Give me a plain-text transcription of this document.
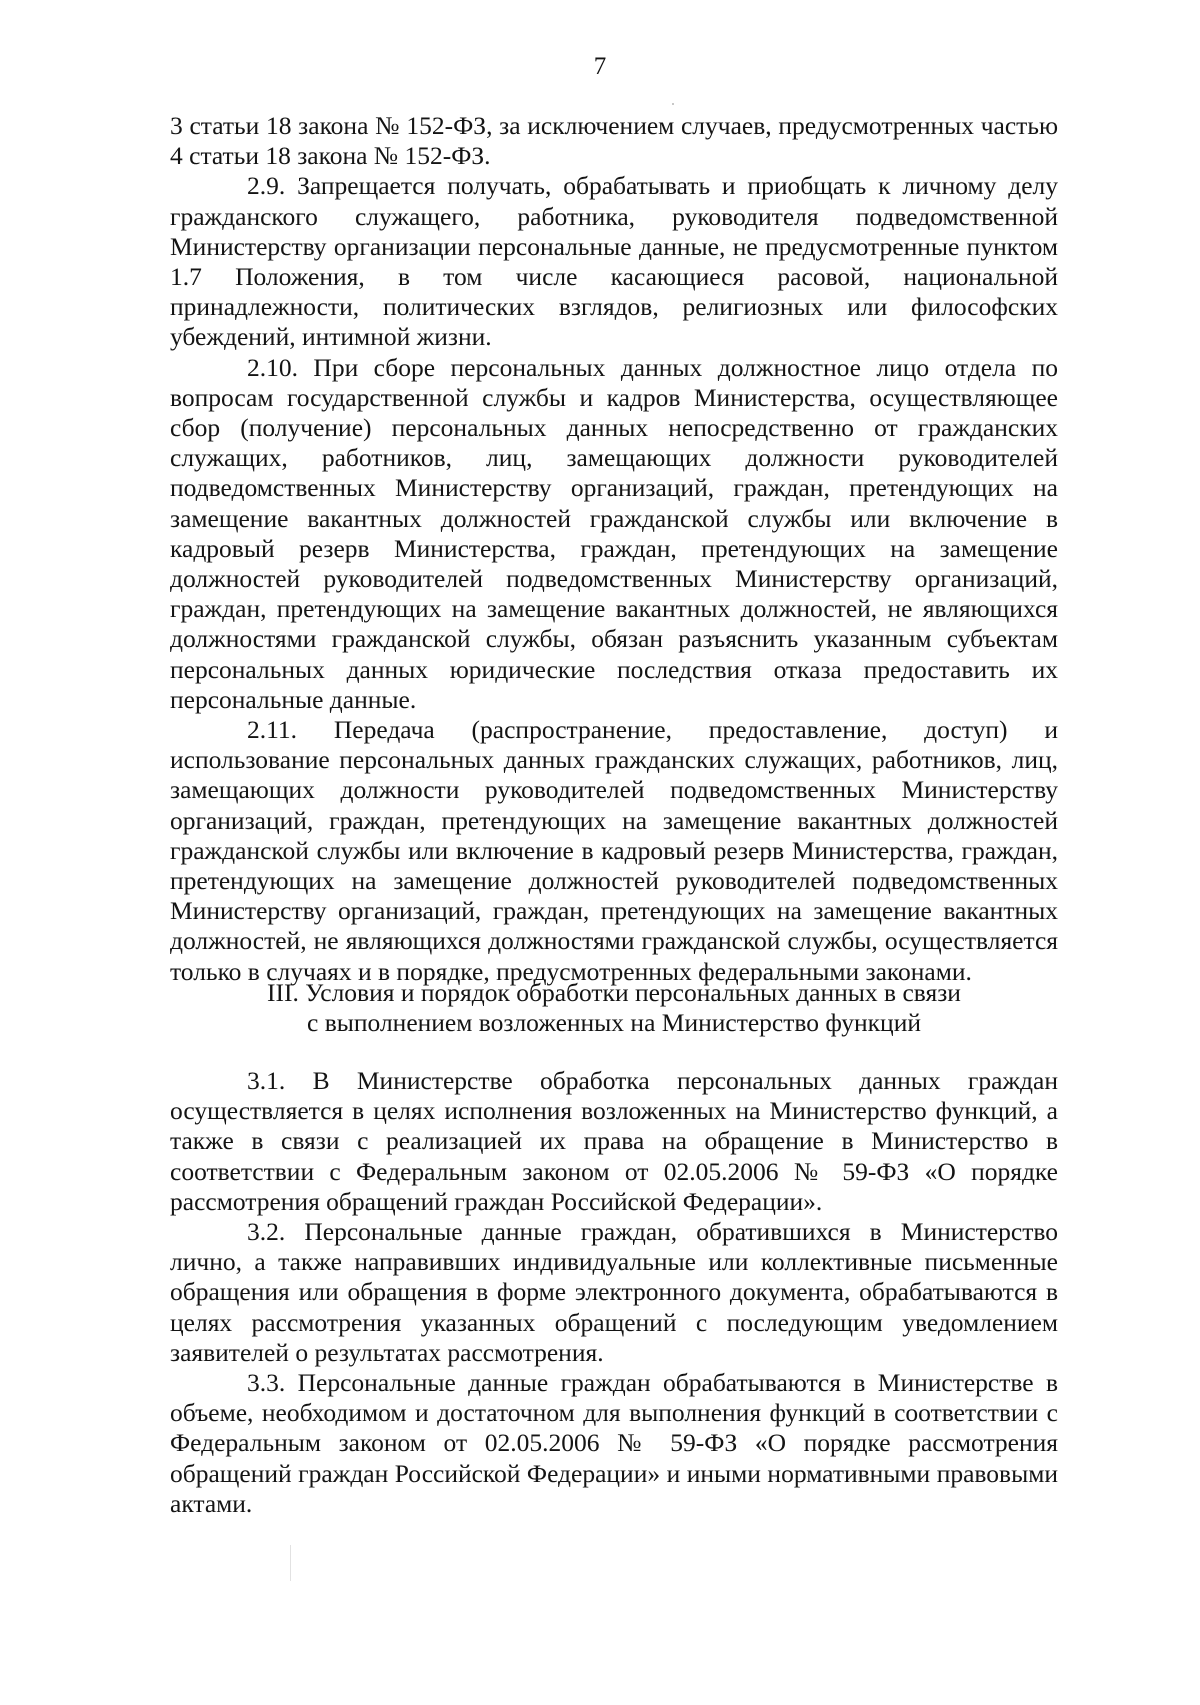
7

3 статьи 18 закона № 152-ФЗ, за исключением случаев, предусмотренных частью 4 статьи 18 закона № 152-ФЗ.

2.9. Запрещается получать, обрабатывать и приобщать к личному делу гражданского служащего, работника, руководителя подведомственной Министерству организации персональные данные, не предусмотренные пунктом 1.7 Положения, в том числе касающиеся расовой, национальной принадлежности, политических взглядов, религиозных или философских убеждений, интимной жизни.

2.10. При сборе персональных данных должностное лицо отдела по вопросам государственной службы и кадров Министерства, осуществляющее сбор (получение) персональных данных непосредственно от гражданских служащих, работников, лиц, замещающих должности руководителей подведомственных Министерству организаций, граждан, претендующих на замещение вакантных должностей гражданской службы или включение в кадровый резерв Министерства, граждан, претендующих на замещение должностей руководителей подведомственных Министерству организаций, граждан, претендующих на замещение вакантных должностей, не являющихся должностями гражданской службы, обязан разъяснить указанным субъектам персональных данных юридические последствия отказа предоставить их персональные данные.

2.11. Передача (распространение, предоставление, доступ) и использование персональных данных гражданских служащих, работников, лиц, замещающих должности руководителей подведомственных Министерству организаций, граждан, претендующих на замещение вакантных должностей гражданской службы или включение в кадровый резерв Министерства, граждан, претендующих на замещение должностей руководителей подведомственных Министерству организаций, граждан, претендующих на замещение вакантных должностей, не являющихся должностями гражданской службы, осуществляется только в случаях и в порядке, предусмотренных федеральными законами.

III. Условия и порядок обработки персональных данных в связи
с выполнением возложенных на Министерство функций

3.1. В Министерстве обработка персональных данных граждан осуществляется в целях исполнения возложенных на Министерство функций, а также в связи с реализацией их права на обращение в Министерство в соответствии с Федеральным законом от 02.05.2006 № 59-ФЗ «О порядке рассмотрения обращений граждан Российской Федерации».

3.2. Персональные данные граждан, обратившихся в Министерство лично, а также направивших индивидуальные или коллективные письменные обращения или обращения в форме электронного документа, обрабатываются в целях рассмотрения указанных обращений с последующим уведомлением заявителей о результатах рассмотрения.

3.3. Персональные данные граждан обрабатываются в Министерстве в объеме, необходимом и достаточном для выполнения функций в соответствии с Федеральным законом от 02.05.2006 № 59-ФЗ «О порядке рассмотрения обращений граждан Российской Федерации» и иными нормативными правовыми актами.
